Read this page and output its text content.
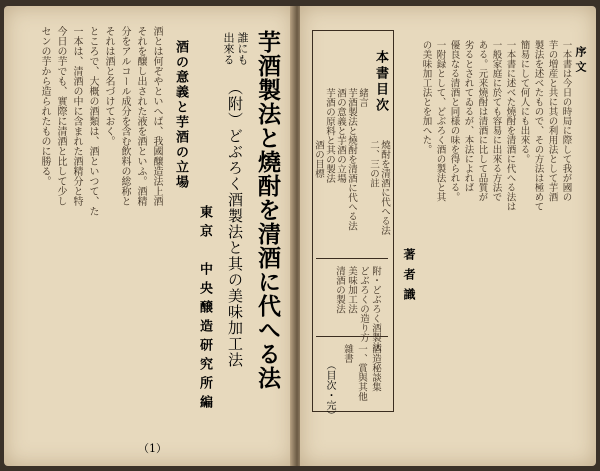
出來る 誰にも 芋酒製法と燒酎を清酒に代へる法
（附）どぶろく酒製法と其の美味加工法
東京　中央醸造研究所編
酒の意義と芋酒の立場
酒とは何ぞやといへば、我國醸造法上酒
それを醸し出された液を酒といふ。酒精
分をアルコール成分を含む飲料の総称と
それは酒と名づけておく。
ところで、大概の酒類は、酒といつて、た
一本は、清酒の中に含まれた酒精分と特
今日の芋でも、實際に清酒と比して少し
センの芋から造られたものに勝る。
（1）
本書目次
緒言
芋酒製法と燒酎を清酒に代へる法
酒の意義と芋酒の立場
芋酒の原料と其の製法
燒酎を清酒に代へる法
二、三の註
酒の目標
附・どぶろく酒製法
どぶろくの造り方
美味加工法
清酒の製法
酒造秘談集
一、賞與其他
雜書
（目次・完）
序文
一本書は今日の時局に際して我が國の
芋の増産と共に其の利用法として芋酒
製法を述べたもので、その方法は極めて
簡易にして何人にも出來る。
一本書に述べた燒酎を清酒に代へる法は
一般家庭に於ても容易に出來る方法で
ある。元来燒酎は清酒に比して品質が
劣るとされてゐるが、本法によれば
優良なる清酒と同様の味を得られる。
一附録として、どぶろく酒の製法と其
の美味加工法とを加へた。
著者識
